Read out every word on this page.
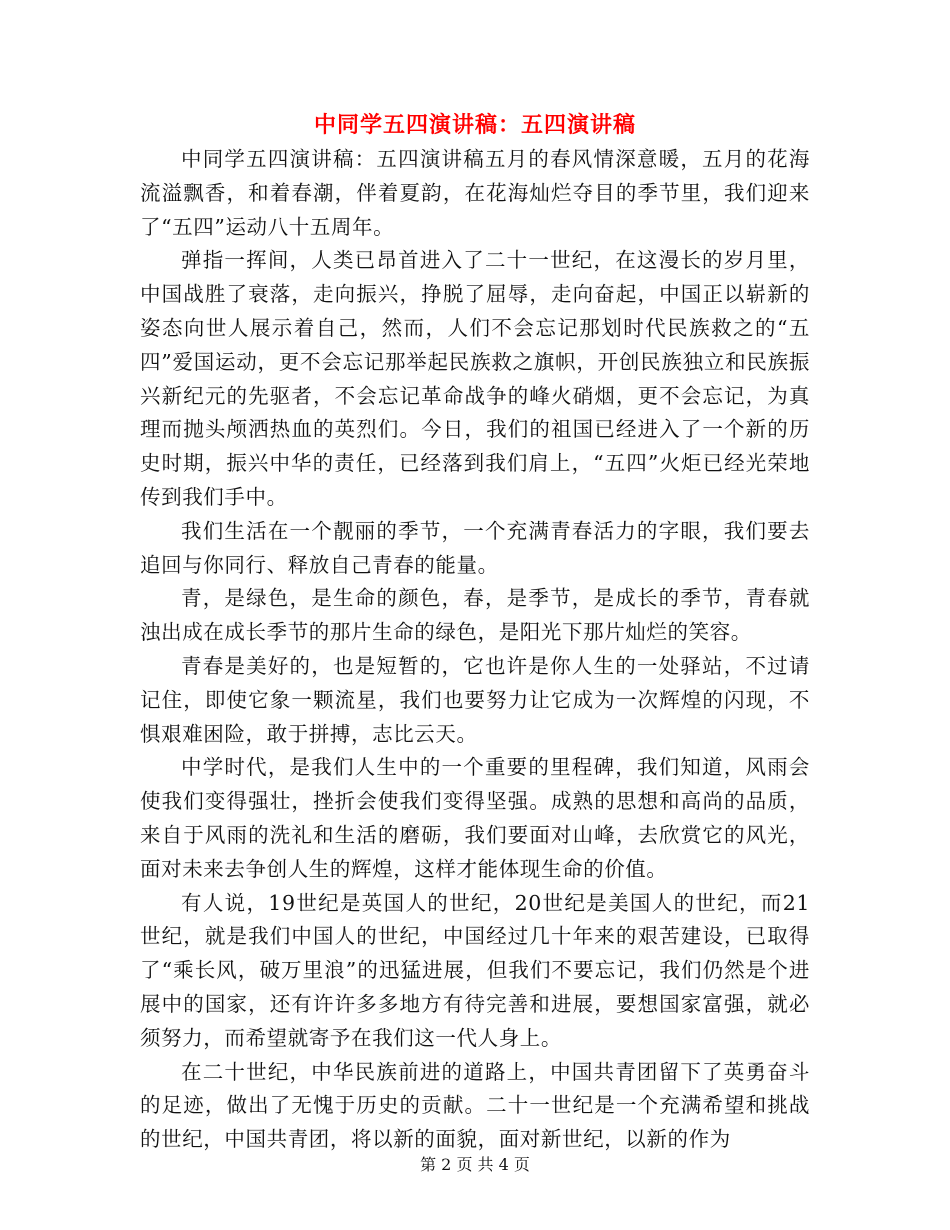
中同学五四演讲稿：五四演讲稿

中同学五四演讲稿：五四演讲稿五月的春风情深意暖，五月的花海流溢飘香，和着春潮，伴着夏韵，在花海灿烂夺目的季节里，我们迎来了“五四”运动八十五周年。

弹指一挥间，人类已昂首进入了二十一世纪，在这漫长的岁月里，中国战胜了衰落，走向振兴，挣脱了屈辱，走向奋起，中国正以崭新的姿态向世人展示着自己，然而，人们不会忘记那划时代民族救之的“五四”爱国运动，更不会忘记那举起民族救之旗帜，开创民族独立和民族振兴新纪元的先驱者，不会忘记革命战争的峰火硝烟，更不会忘记，为真理而抛头颅洒热血的英烈们。今日，我们的祖国已经进入了一个新的历史时期，振兴中华的责任，已经落到我们肩上，“五四”火炬已经光荣地传到我们手中。

我们生活在一个靓丽的季节，一个充满青春活力的字眼，我们要去追回与你同行、释放自己青春的能量。

青，是绿色，是生命的颜色，春，是季节，是成长的季节，青春就浊出成在成长季节的那片生命的绿色，是阳光下那片灿烂的笑容。

青春是美好的，也是短暂的，它也许是你人生的一处驿站，不过请记住，即使它象一颗流星，我们也要努力让它成为一次辉煌的闪现，不惧艰难困险，敢于拼搏，志比云天。

中学时代，是我们人生中的一个重要的里程碑，我们知道，风雨会使我们变得强壮，挫折会使我们变得坚强。成熟的思想和高尚的品质，来自于风雨的洗礼和生活的磨砺，我们要面对山峰，去欣赏它的风光，面对未来去争创人生的辉煌，这样才能体现生命的价值。

有人说，19世纪是英国人的世纪，20世纪是美国人的世纪，而21世纪，就是我们中国人的世纪，中国经过几十年来的艰苦建设，已取得了“乘长风，破万里浪”的迅猛进展，但我们不要忘记，我们仍然是个进展中的国家，还有许许多多地方有待完善和进展，要想国家富强，就必须努力，而希望就寄予在我们这一代人身上。

在二十世纪，中华民族前进的道路上，中国共青团留下了英勇奋斗的足迹，做出了无愧于历史的贡献。二十一世纪是一个充满希望和挑战的世纪，中国共青团，将以新的面貌，面对新世纪，以新的作为

第 2 页 共 4 页
